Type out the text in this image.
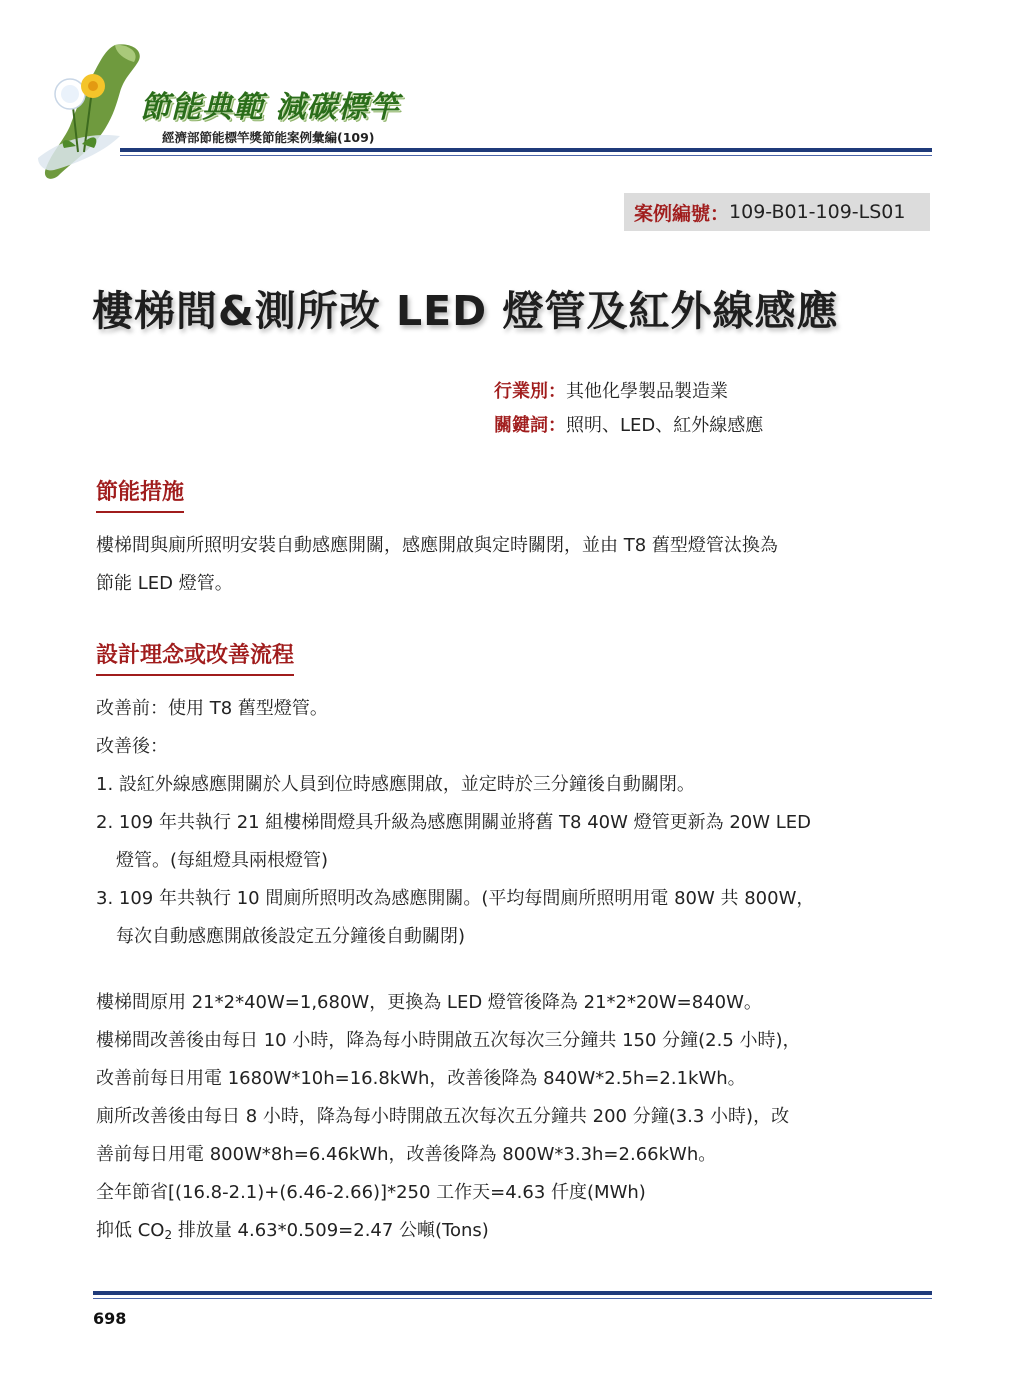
節能典範 減碳標竿
經濟部節能標竿獎節能案例彙編(109)
案例編號： 109-B01-109-LS01
樓梯間&測所改 LED 燈管及紅外線感應
行業別：其他化學製品製造業
關鍵詞：照明、LED、紅外線感應
節能措施
樓梯間與廁所照明安裝自動感應開關，感應開啟與定時關閉，並由 T8 舊型燈管汰換為
節能 LED 燈管。
設計理念或改善流程
改善前：使用 T8 舊型燈管。
改善後：
1. 設紅外線感應開關於人員到位時感應開啟，並定時於三分鐘後自動關閉。
2. 109 年共執行 21 組樓梯間燈具升級為感應開關並將舊 T8 40W 燈管更新為 20W LED
燈管。(每組燈具兩根燈管)
3. 109 年共執行 10 間廁所照明改為感應開關。(平均每間廁所照明用電 80W 共 800W，
每次自動感應開啟後設定五分鐘後自動關閉)
樓梯間原用 21*2*40W=1,680W，更換為 LED 燈管後降為 21*2*20W=840W。
樓梯間改善後由每日 10 小時，降為每小時開啟五次每次三分鐘共 150 分鐘(2.5 小時)，
改善前每日用電 1680W*10h=16.8kWh，改善後降為 840W*2.5h=2.1kWh。
廁所改善後由每日 8 小時，降為每小時開啟五次每次五分鐘共 200 分鐘(3.3 小時)，改
善前每日用電 800W*8h=6.46kWh，改善後降為 800W*3.3h=2.66kWh。
全年節省[(16.8-2.1)+(6.46-2.66)]*250 工作天=4.63 仟度(MWh)
抑低 $CO_2$ 排放量 4.63*0.509=2.47 公噸(Tons)
698
